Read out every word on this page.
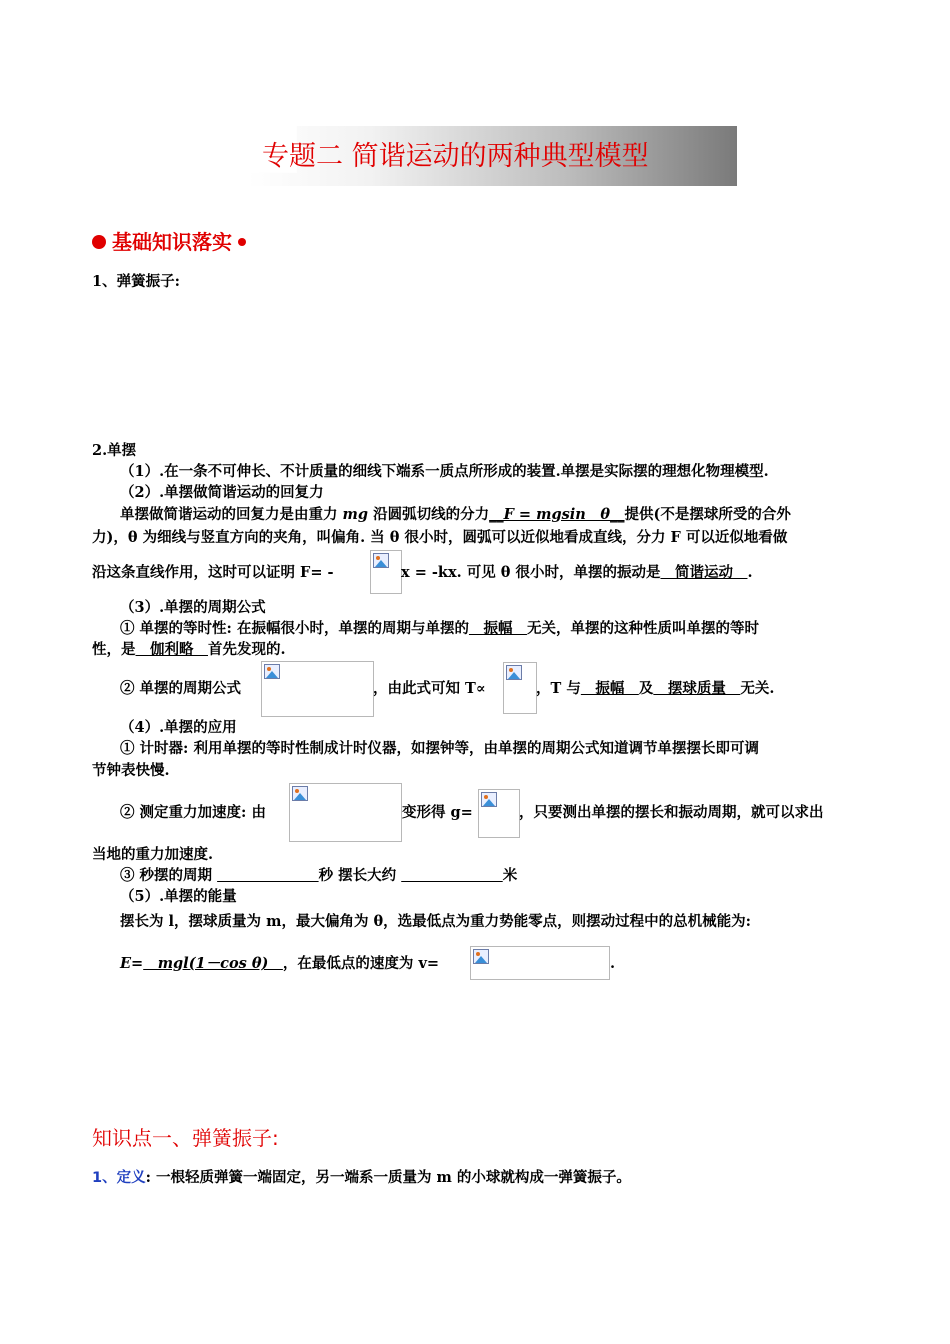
专题二 简谐运动的两种典型模型
基础知识落实
1、弹簧振子:
2.单摆
（1）.在一条不可伸长、不计质量的细线下端系一质点所形成的装置.单摆是实际摆的理想化物理模型.
（2）.单摆做简谐运动的回复力
单摆做简谐运动的回复力是由重力 mg 沿圆弧切线的分力__F = mgsin　θ__提供(不是摆球所受的合外
力)，θ 为细线与竖直方向的夹角，叫偏角. 当 θ 很小时，圆弧可以近似地看成直线，分力 F 可以近似地看做
沿这条直线作用，这时可以证明 F= -	x = -kx. 可见 θ 很小时，单摆的振动是　简谐运动　.
（3）.单摆的周期公式
① 单摆的等时性: 在振幅很小时，单摆的周期与单摆的　振幅　无关，单摆的这种性质叫单摆的等时
性，是　伽利略　首先发现的.
② 单摆的周期公式	，由此式可知 T∝	，T 与　振幅　及　摆球质量　无关.
（4）.单摆的应用
① 计时器: 利用单摆的等时性制成计时仪器，如摆钟等，由单摆的周期公式知道调节单摆摆长即可调
节钟表快慢.
② 测定重力加速度: 由	变形得 g=	，只要测出单摆的摆长和振动周期，就可以求出
当地的重力加速度.
③ 秒摆的周期 　　　　　　　	秒 摆长大约 　　　　　　　	米
（5）.单摆的能量
摆长为 l，摆球质量为 m，最大偏角为 θ，选最低点为重力势能零点，则摆动过程中的总机械能为:
E=　mgl(1－cos θ)　，在最低点的速度为 v=	.
知识点一、弹簧振子:
1、定义: 一根轻质弹簧一端固定，另一端系一质量为 m 的小球就构成一弹簧振子。
